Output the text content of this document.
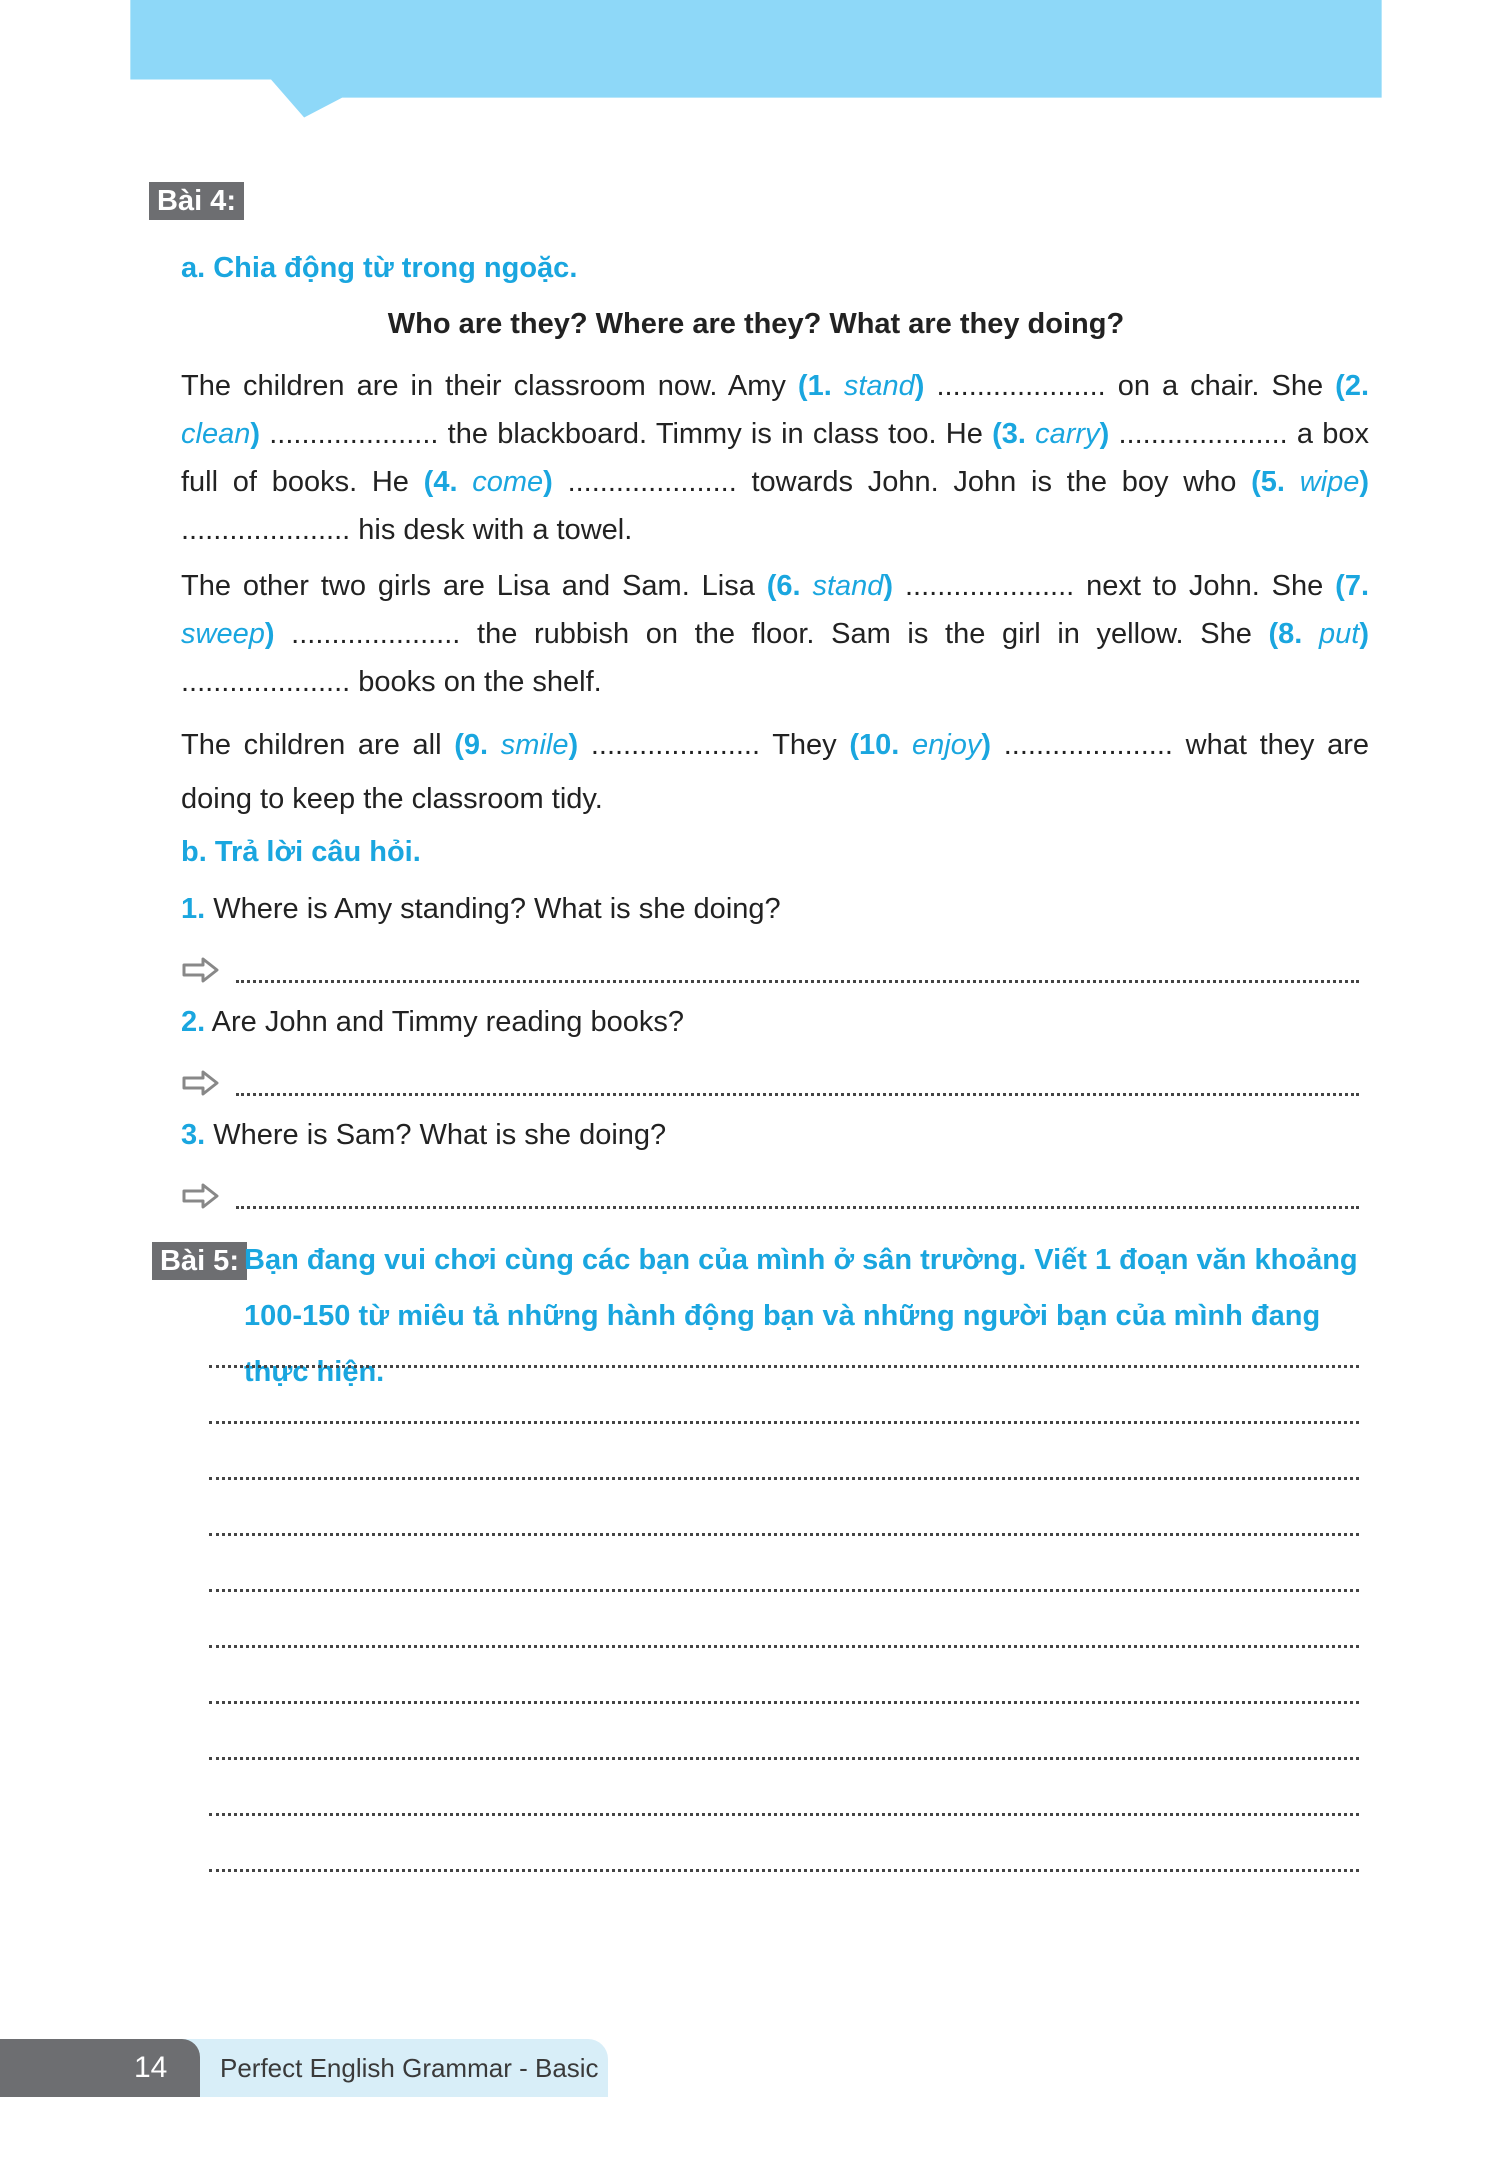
Bài 4:
a. Chia động từ trong ngoặc.
Who are they? Where are they? What are they doing?
The children are in their classroom now. Amy (1. stand) ..................... on a chair. She (2. clean) ..................... the blackboard. Timmy is in class too. He (3. carry) ..................... a box full of books. He (4. come) ..................... towards John. John is the boy who (5. wipe) ..................... his desk with a towel.
The other two girls are Lisa and Sam. Lisa (6. stand) ..................... next to John. She (7. sweep) ..................... the rubbish on the floor. Sam is the girl in yellow. She (8. put) ..................... books on the shelf.
The children are all (9. smile) ..................... They (10. enjoy) ..................... what they are doing to keep the classroom tidy.
b. Trả lời câu hỏi.
1. Where is Amy standing? What is she doing?
2. Are John and Timmy reading books?
3. Where is Sam? What is she doing?
Bài 5: Bạn đang vui chơi cùng các bạn của mình ở sân trường. Viết 1 đoạn văn khoảng 100-150 từ miêu tả những hành động bạn và những người bạn của mình đang thực hiện.
Perfect English Grammar - Basic
14
